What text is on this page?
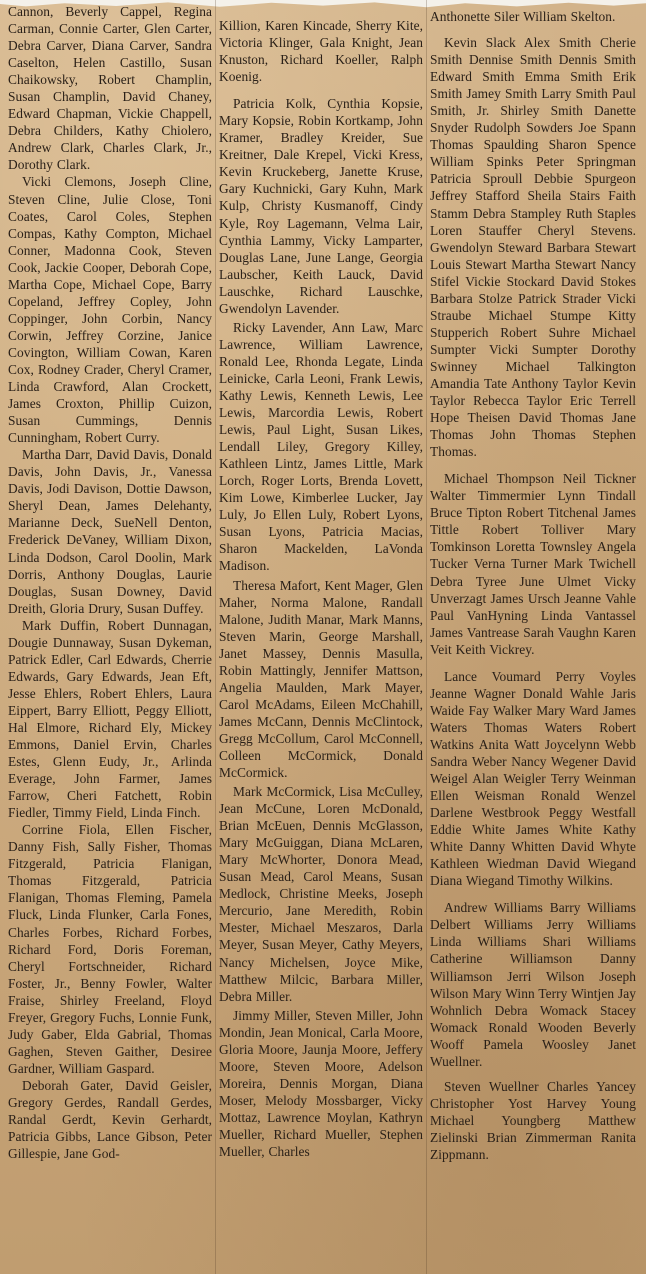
Cannon, Beverly Cappel, Regina Carman, Connie Carter, Glen Carter, Debra Carver, Diana Carver, Sandra Caselton, Helen Castillo, Susan Chaikowsky, Robert Champlin, Susan Champlin, David Chaney, Edward Chapman, Vickie Chappell, Debra Childers, Kathy Chiolero, Andrew Clark, Charles Clark, Jr., Dorothy Clark.

Vicki Clemons, Joseph Cline, Steven Cline, Julie Close, Toni Coates, Carol Coles, Stephen Compas, Kathy Compton, Michael Conner, Madonna Cook, Steven Cook, Jackie Cooper, Deborah Cope, Martha Cope, Michael Cope, Barry Copeland, Jeffrey Copley, John Coppinger, John Corbin, Nancy Corwin, Jeffrey Corzine, Janice Covington, William Cowan, Karen Cox, Rodney Crader, Cheryl Cramer, Linda Crawford, Alan Crockett, James Croxton, Phillip Cuizon, Susan Cummings, Dennis Cunningham, Robert Curry.

Martha Darr, David Davis, Donald Davis, John Davis, Jr., Vanessa Davis, Jodi Davison, Dottie Dawson, Sheryl Dean, James Delehanty, Marianne Deck, SueNell Denton, Frederick DeVaney, William Dixon, Linda Dodson, Carol Doolin, Mark Dorris, Anthony Douglas, Laurie Douglas, Susan Downey, David Dreith, Gloria Drury, Susan Duffey.

Mark Duffin, Robert Dunnagan, Dougie Dunnaway, Susan Dykeman, Patrick Edler, Carl Edwards, Cherrie Edwards, Gary Edwards, Jean Eft, Jesse Ehlers, Robert Ehlers, Laura Eippert, Barry Elliott, Peggy Elliott, Hal Elmore, Richard Ely, Mickey Emmons, Daniel Ervin, Charles Estes, Glenn Eudy, Jr., Arlinda Everage, John Farmer, James Farrow, Cheri Fatchett, Robin Fiedler, Timmy Field, Linda Finch.

Corrine Fiola, Ellen Fischer, Danny Fish, Sally Fisher, Thomas Fitzgerald, Patricia Flanigan, Thomas Fitzgerald, Patricia Flanigan, Thomas Fleming, Pamela Fluck, Linda Flunker, Carla Fones, Charles Forbes, Richard Forbes, Richard Ford, Doris Foreman, Cheryl Fortschneider, Richard Foster, Jr., Benny Fowler, Walter Fraise, Shirley Freeland, Floyd Freyer, Gregory Fuchs, Lonnie Funk, Judy Gaber, Elda Gabrial, Thomas Gaghen, Steven Gaither, Desiree Gardner, William Gaspard.

Deborah Gater, David Geisler, Gregory Gerdes, Randall Gerdes, Randal Gerdt, Kevin Gerhardt, Patricia Gibbs, Lance Gibson, Peter Gillespie, Jane God-

Killion, Karen Kincade, Sherry Kite, Victoria Klinger, Gala Knight, Jean Knuston, Richard Koeller, Ralph Koenig.

Patricia Kolk, Cynthia Kopsie, Mary Kopsie, Robin Kortkamp, John Kramer, Bradley Kreider, Sue Kreitner, Dale Krepel, Vicki Kress, Kevin Kruckeberg, Janette Kruse, Gary Kuchnicki, Gary Kuhn, Mark Kulp, Christy Kusmanoff, Cindy Kyle, Roy Lagemann, Velma Lair, Cynthia Lammy, Vicky Lamparter, Douglas Lane, June Lange, Georgia Laubscher, Keith Lauck, David Lauschke, Richard Lauschke, Gwendolyn Lavender.

Ricky Lavender, Ann Law, Marc Lawrence, William Lawrence, Ronald Lee, Rhonda Legate, Linda Leinicke, Carla Leoni, Frank Lewis, Kathy Lewis, Kenneth Lewis, Lee Lewis, Marcordia Lewis, Robert Lewis, Paul Light, Susan Likes, Lendall Liley, Gregory Killey, Kathleen Lintz, James Little, Mark Lorch, Roger Lorts, Brenda Lovett, Kim Lowe, Kimberlee Lucker, Jay Luly, Jo Ellen Luly, Robert Lyons, Susan Lyons, Patricia Macias, Sharon Mackelden, LaVonda Madison.

Theresa Mafort, Kent Mager, Glen Maher, Norma Malone, Randall Malone, Judith Manar, Mark Manns, Steven Marin, George Marshall, Janet Massey, Dennis Masulla, Robin Mattingly, Jennifer Mattson, Angelia Maulden, Mark Mayer, Carol McAdams, Eileen McChahill, James McCann, Dennis McClintock, Gregg McCollum, Carol McConnell, Colleen McCormick, Donald McCormick.

Mark McCormick, Lisa McCulley, Jean McCune, Loren McDonald, Brian McEuen, Dennis McGlasson, Mary McGuiggan, Diana McLaren, Mary McWhorter, Donora Mead, Susan Mead, Carol Means, Susan Medlock, Christine Meeks, Joseph Mercurio, Jane Meredith, Robin Mester, Michael Meszaros, Darla Meyer, Susan Meyer, Cathy Meyers, Nancy Michelsen, Joyce Mike, Matthew Milcic, Barbara Miller, Debra Miller.

Jimmy Miller, Steven Miller, John Mondin, Jean Monical, Carla Moore, Gloria Moore, Jaunja Moore, Jeffery Moore, Steven Moore, Adelson Moreira, Dennis Morgan, Diana Moser, Melody Mossbarger, Vicky Mottaz, Lawrence Moylan, Kathryn Mueller, Richard Mueller, Stephen Mueller, Charles

Anthonette Siler William Skelton.

Kevin Slack Alex Smith Cherie Smith Dennise Smith Dennis Smith Edward Smith Emma Smith Erik Smith Jamey Smith Larry Smith Paul Smith, Jr. Shirley Smith Danette Snyder Rudolph Sowders Joe Spann Thomas Spaulding Sharon Spence William Spinks Peter Springman Patricia Sproull Debbie Spurgeon Jeffrey Stafford Sheila Stairs Faith Stamm Debra Stampley Ruth Staples Loren Stauffer Cheryl Stevens. Gwendolyn Steward Barbara Stewart Louis Stewart Martha Stewart Nancy Stifel Vickie Stockard David Stokes Barbara Stolze Patrick Strader Vicki Straube Michael Stumpe Kitty Stupperich Robert Suhre Michael Sumpter Vicki Sumpter Dorothy Swinney Michael Talkington Amandia Tate Anthony Taylor Kevin Taylor Rebecca Taylor Eric Terrell Hope Theisen David Thomas Jane Thomas John Thomas Stephen Thomas.

Michael Thompson Neil Tickner Walter Timmermier Lynn Tindall Bruce Tipton Robert Titchenal James Tittle Robert Tolliver Mary Tomkinson Loretta Townsley Angela Tucker Verna Turner Mark Twichell Debra Tyree June Ulmet Vicky Unverzagt James Ursch Jeanne Vahle Paul VanHyning Linda Vantassel James Vantrease Sarah Vaughn Karen Veit Keith Vickrey.

Lance Voumard Perry Voyles Jeanne Wagner Donald Wahle Jaris Waide Fay Walker Mary Ward James Waters Thomas Waters Robert Watkins Anita Watt Joycelynn Webb Sandra Weber Nancy Wegener David Weigel Alan Weigler Terry Weinman Ellen Weisman Ronald Wenzel Darlene Westbrook Peggy Westfall Eddie White James White Kathy White Danny Whitten David Whyte Kathleen Wiedman David Wiegand Diana Wiegand Timothy Wilkins.

Andrew Williams Barry Williams Delbert Williams Jerry Williams Linda Williams Shari Williams Catherine Williamson Danny Williamson Jerri Wilson Joseph Wilson Mary Winn Terry Wintjen Jay Wohnlich Debra Womack Stacey Womack Ronald Wooden Beverly Wooff Pamela Woosley Janet Wuellner.

Steven Wuellner Charles Yancey Christopher Yost Harvey Young Michael Youngberg Matthew Zielinski Brian Zimmerman Ranita Zippmann.
